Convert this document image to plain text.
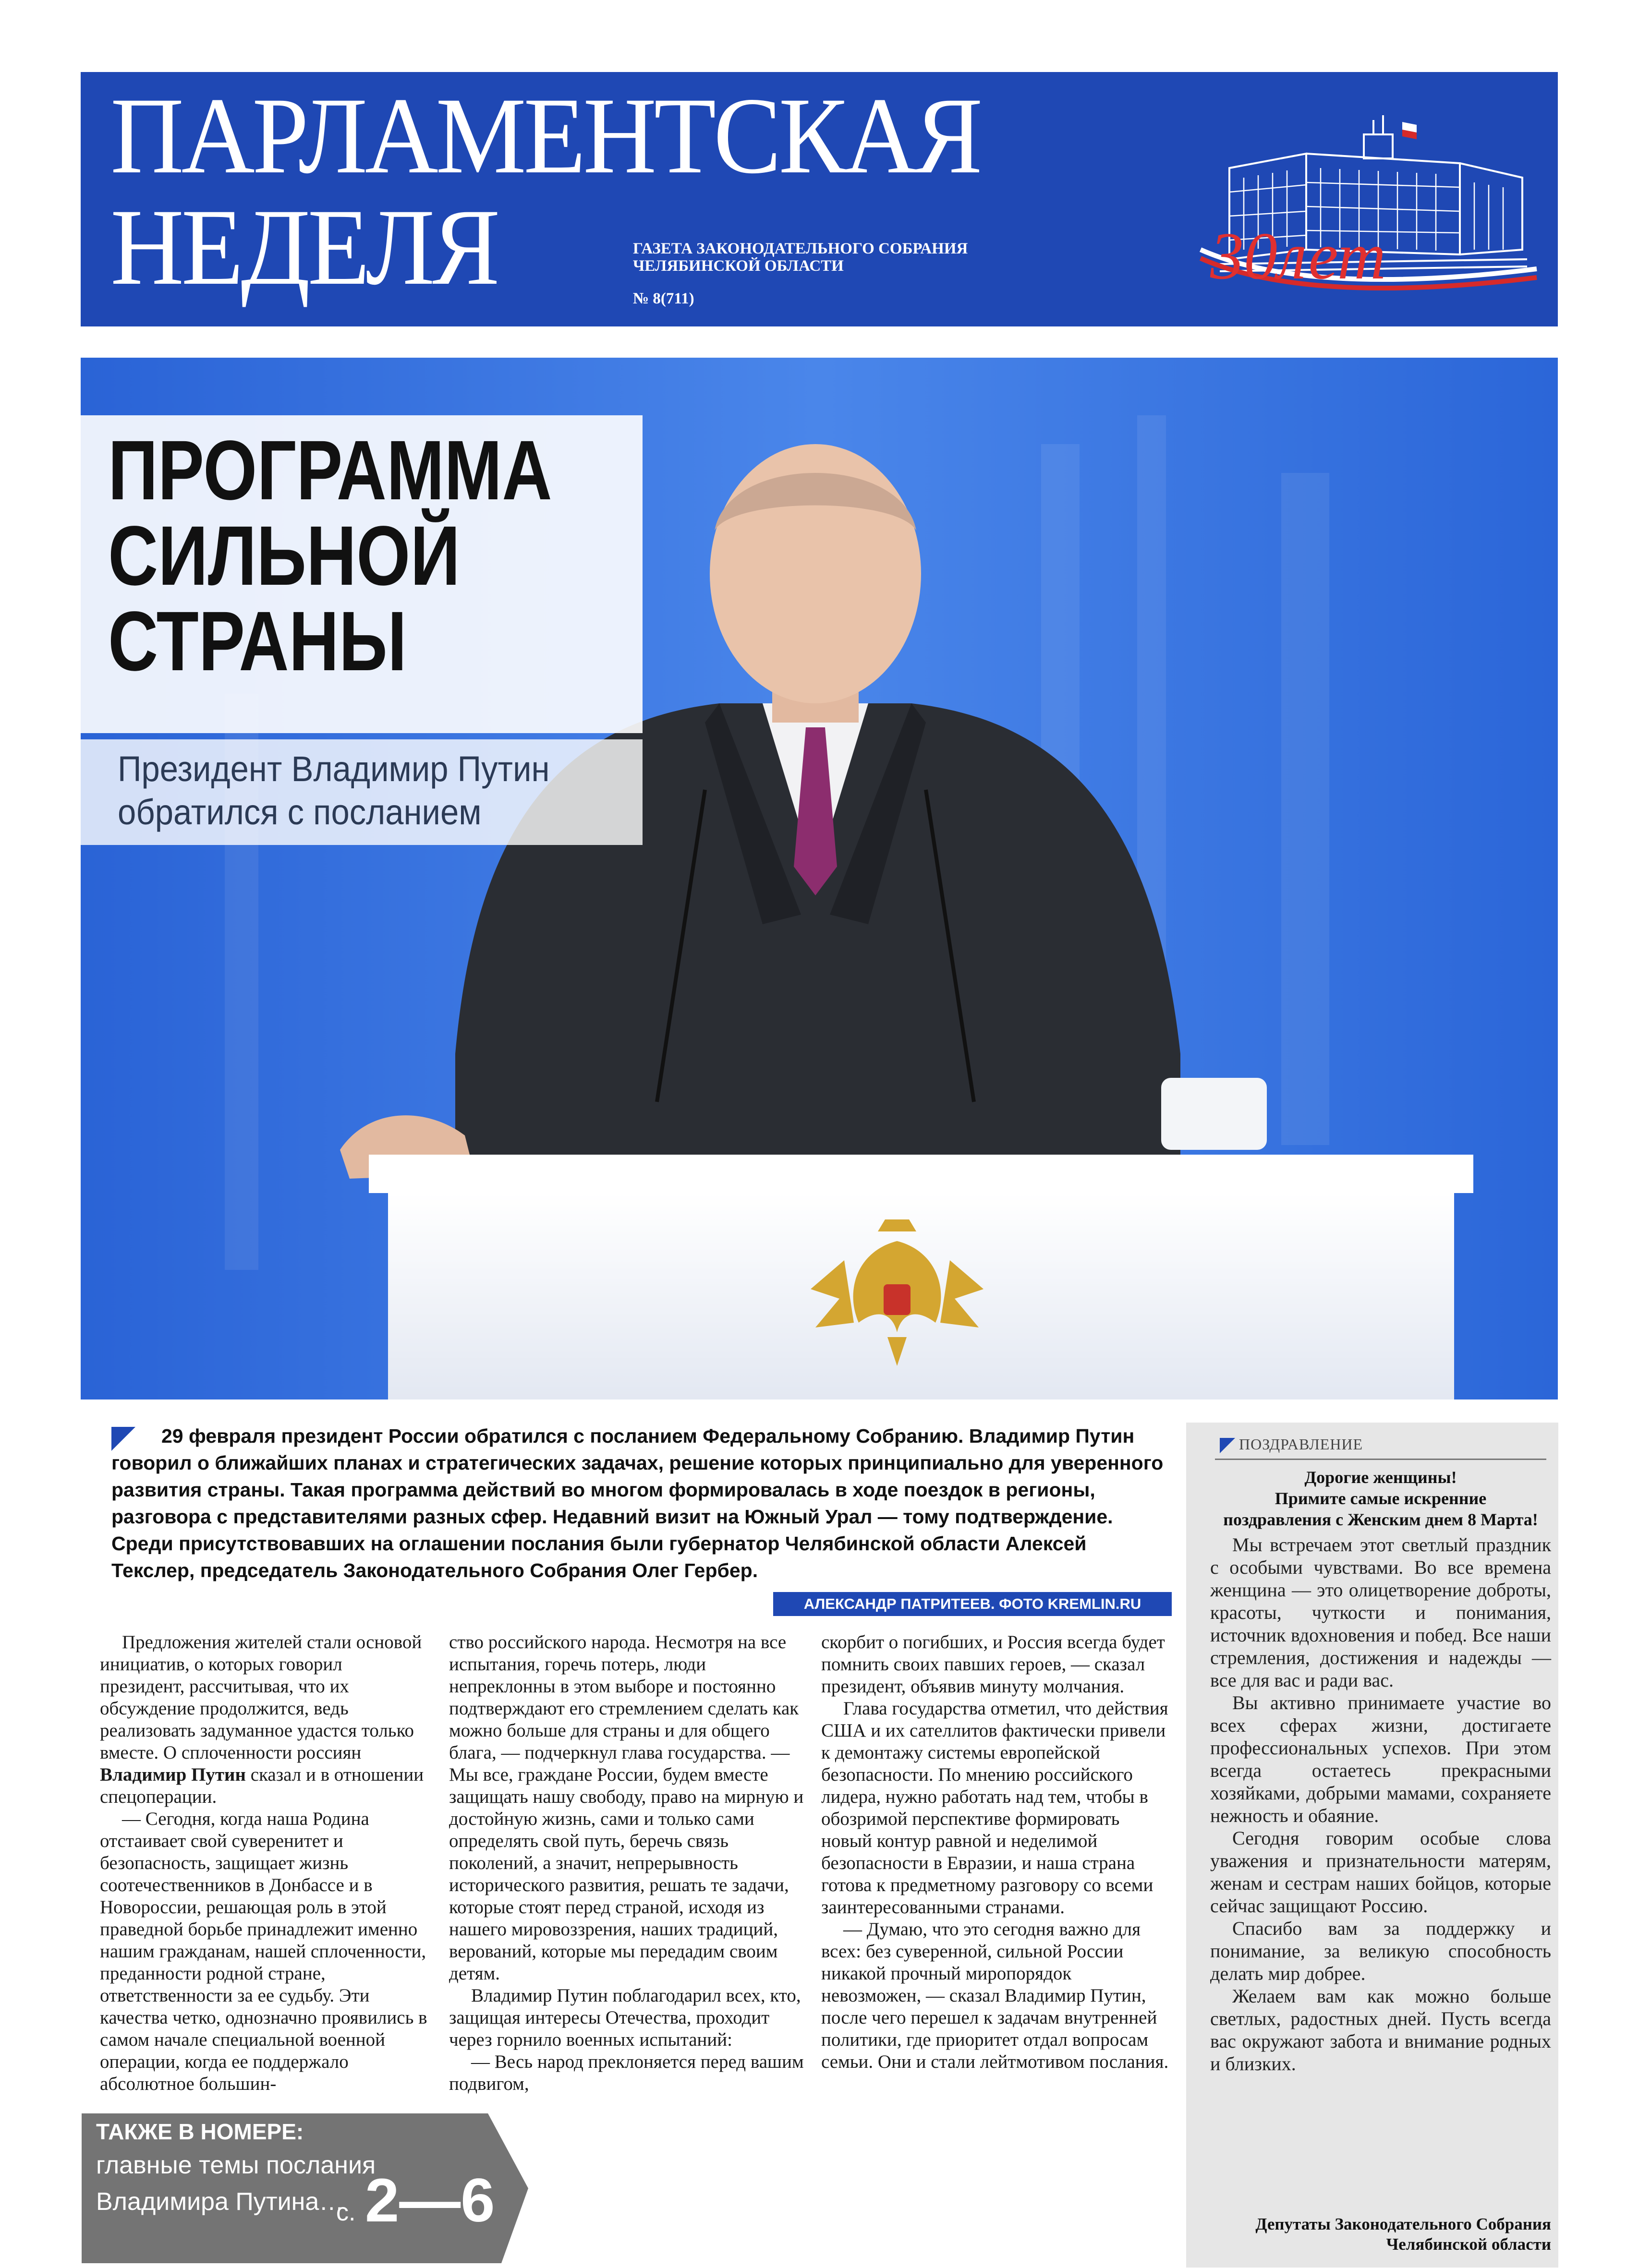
ПАРЛАМЕНТСКАЯ
НЕДЕЛЯ	ГАЗЕТА ЗАКОНОДАТЕЛЬНОГО СОБРАНИЯ
ЧЕЛЯБИНСКОЙ ОБЛАСТИ
№ 8(711)
30лет
ПРОГРАММА
СИЛЬНОЙ
СТРАНЫ
Президент Владимир Путин
обратился с посланием
29 февраля президент России обратился с посланием Федеральному Собранию. Владимир Путин говорил о ближайших планах и стратегических задачах, решение которых принципиально для уверенного развития страны. Такая программа действий во многом формировалась в ходе поездок в регионы, разговора с представителями разных сфер. Недавний визит на Южный Урал — тому подтверждение. Среди присутствовавших на оглашении послания были губернатор Челябинской области Алексей Текслер, председатель Законодательного Собрания Олег Гербер.
АЛЕКСАНДР ПАТРИТЕЕВ. ФОТО KREMLIN.RU

Предложения жителей стали основой инициатив, о которых говорил президент, рассчитывая, что их обсуждение продолжится, ведь реализовать задуманное удастся только вместе. О сплоченности россиян Владимир Путин сказал и в отношении спецоперации.

— Сегодня, когда наша Родина отстаивает свой суверенитет и безопасность, защищает жизнь соотечественников в Донбассе и в Новороссии, решающая роль в этой праведной борьбе принадлежит именно нашим гражданам, нашей сплоченности, преданности родной стране, ответственности за ее судьбу. Эти качества четко, однозначно проявились в самом начале специальной военной операции, когда ее поддержало абсолютное большин-

ство российского народа. Несмотря на все испытания, горечь потерь, люди непреклонны в этом выборе и постоянно подтверждают его стремлением сделать как можно больше для страны и для общего блага, — подчеркнул глава государства. — Мы все, граждане России, будем вместе защищать нашу свободу, право на мирную и достойную жизнь, сами и только сами определять свой путь, беречь связь поколений, а значит, непрерывность исторического развития, решать те задачи, которые стоят перед страной, исходя из нашего мировоззрения, наших традиций, верований, которые мы передадим своим детям.

Владимир Путин поблагодарил всех, кто, защищая интересы Отечества, проходит через горнило военных испытаний:

— Весь народ преклоняется перед вашим подвигом,

скорбит о погибших, и Россия всегда будет помнить своих павших героев, — сказал президент, объявив минуту молчания.

Глава государства отметил, что действия США и их сателлитов фактически привели к демонтажу системы европейской безопасности. По мнению российского лидера, нужно работать над тем, чтобы в обозримой перспективе формировать новый контур равной и неделимой безопасности в Евразии, и наша страна готова к предметному разговору со всеми заинтересованными странами.

— Думаю, что это сегодня важно для всех: без суверенной, сильной России никакой прочный миропорядок невозможен, — сказал Владимир Путин, после чего перешел к задачам внутренней политики, где приоритет отдал вопросам семьи. Они и стали лейтмотивом послания.

ТАКЖЕ В НОМЕРЕ:
главные темы послания
Владимира Путина…
с. 2—6
ПОЗДРАВЛЕНИЕ
Дорогие женщины!
Примите самые искренние
поздравления с Женским днем 8 Марта!

Мы встречаем этот светлый праздник с особыми чувствами. Во все времена женщина — это олицетворение доброты, красоты, чуткости и понимания, источник вдохновения и побед. Все наши стремления, достижения и надежды — все для вас и ради вас.

Вы активно принимаете участие во всех сферах жизни, достигаете профессиональных успехов. При этом всегда остаетесь прекрасными хозяйками, добрыми мамами, сохраняете нежность и обаяние.

Сегодня говорим особые слова уважения и признательности матерям, женам и сестрам наших бойцов, которые сейчас защищают Россию.

Спасибо вам за поддержку и понимание, за великую способность делать мир добрее.

Желаем вам как можно больше светлых, радостных дней. Пусть всегда вас окружают забота и внимание родных и близких.

Депутаты Законодательного Собрания
Челябинской области
